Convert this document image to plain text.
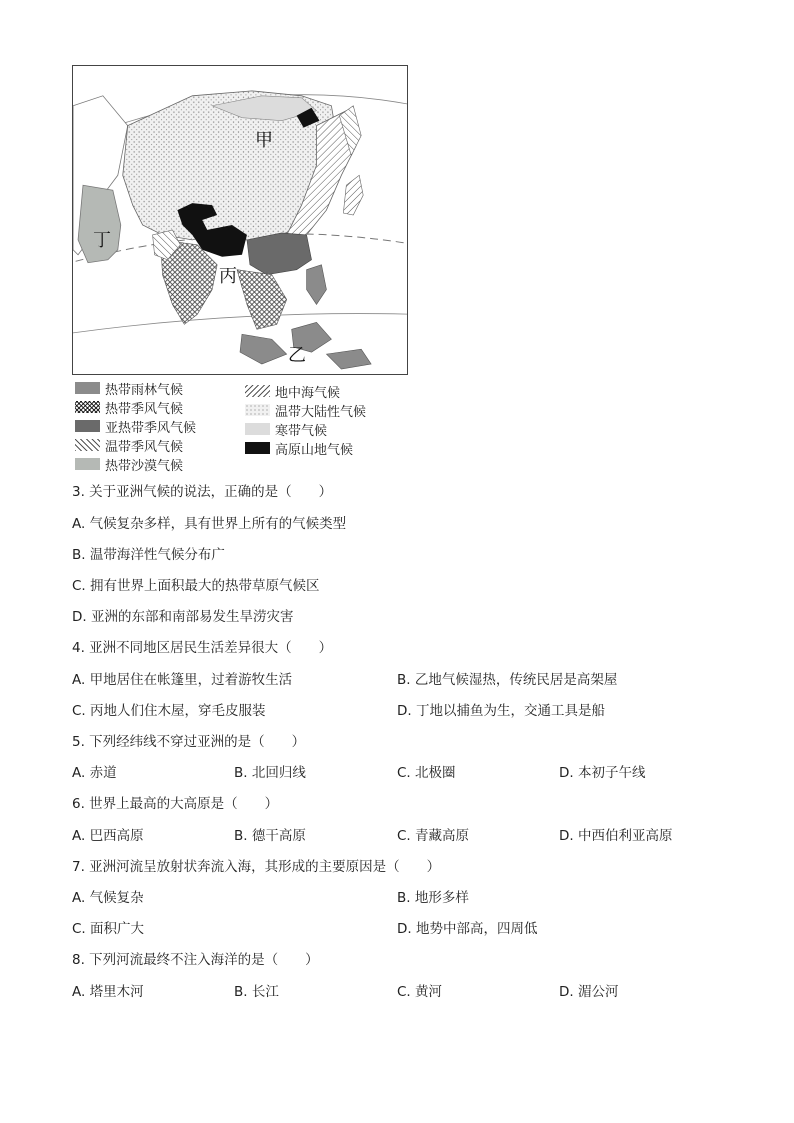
甲
丁
丙
乙
热带雨林气候
热带季风气候
亚热带季风气候
温带季风气候
热带沙漠气候
地中海气候
温带大陆性气候
寒带气候
高原山地气候
3. 关于亚洲气候的说法，正确的是（　　）
A. 气候复杂多样，具有世界上所有的气候类型
B. 温带海洋性气候分布广
C. 拥有世界上面积最大的热带草原气候区
D. 亚洲的东部和南部易发生旱涝灾害
4. 亚洲不同地区居民生活差异很大（　　）
A. 甲地居住在帐篷里，过着游牧生活	B. 乙地气候湿热，传统民居是高架屋
C. 丙地人们住木屋，穿毛皮服装	D. 丁地以捕鱼为生，交通工具是船
5. 下列经纬线不穿过亚洲的是（　　）
A. 赤道	B. 北回归线	C. 北极圈	D. 本初子午线
6. 世界上最高的大高原是（　　）
A. 巴西高原	B. 德干高原	C. 青藏高原	D. 中西伯利亚高原
7. 亚洲河流呈放射状奔流入海，其形成的主要原因是（　　）
A. 气候复杂	B. 地形多样
C. 面积广大	D. 地势中部高，四周低
8. 下列河流最终不注入海洋的是（　　）
A. 塔里木河	B. 长江	C. 黄河	D. 湄公河
